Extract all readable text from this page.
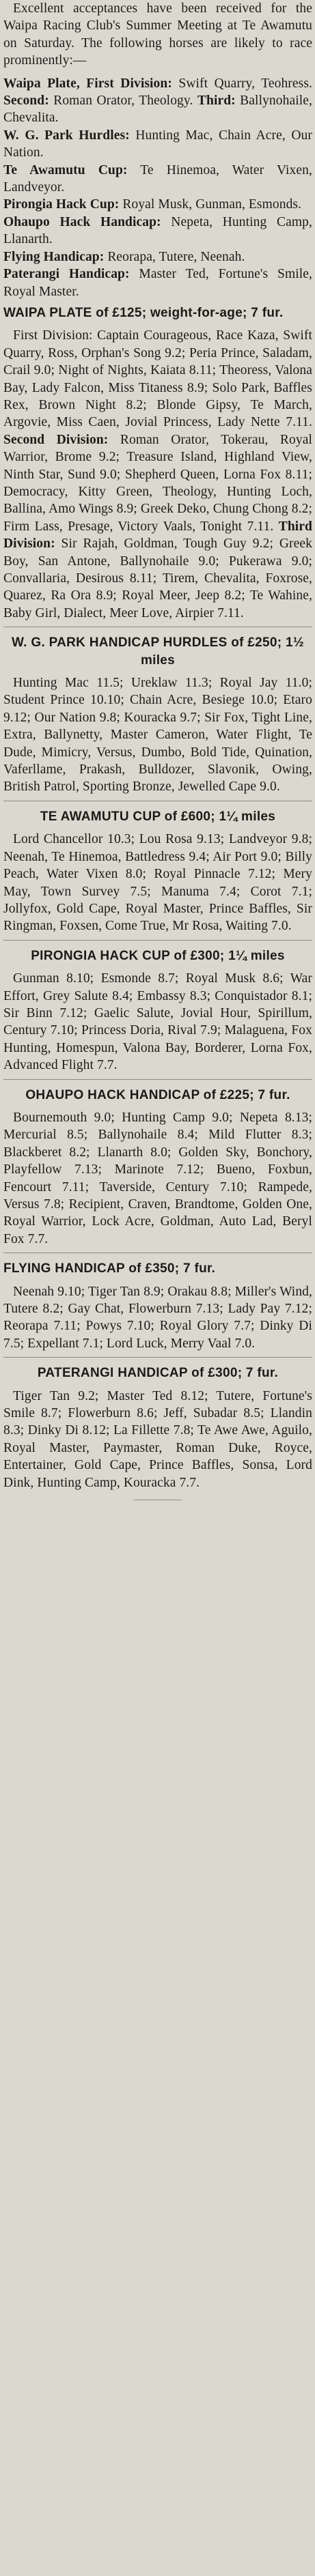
Excellent acceptances have been received for the Waipa Racing Club's Summer Meeting at Te Awamutu on Saturday. The following horses are likely to race prominently:—

Waipa Plate, First Division: Swift Quarry, Teohress. Second: Roman Orator, Theology. Third: Ballynohaile, Chevalita.

W. G. Park Hurdles: Hunting Mac, Chain Acre, Our Nation.

Te Awamutu Cup: Te Hinemoa, Water Vixen, Landveyor.

Pirongia Hack Cup: Royal Musk, Gunman, Esmonds.

Ohaupo Hack Handicap: Nepeta, Hunting Camp, Llanarth.

Flying Handicap: Reorapa, Tutere, Neenah.

Paterangi Handicap: Master Ted, Fortune's Smile, Royal Master.

WAIPA PLATE of £125; weight-for-age; 7 fur.

First Division: Captain Courageous, Race Kaza, Swift Quarry, Ross, Orphan's Song 9.2; Peria Prince, Saladam, Crail 9.0; Night of Nights, Kaiata 8.11; Theoress, Valona Bay, Lady Falcon, Miss Titaness 8.9; Solo Park, Baffles Rex, Brown Night 8.2; Blonde Gipsy, Te March, Argovie, Miss Caen, Jovial Princess, Lady Nette 7.11. Second Division: Roman Orator, Tokerau, Royal Warrior, Brome 9.2; Treasure Island, Highland View, Ninth Star, Sund 9.0; Shepherd Queen, Lorna Fox 8.11; Democracy, Kitty Green, Theology, Hunting Loch, Ballina, Amo Wings 8.9; Greek Deko, Chung Chong 8.2; Firm Lass, Presage, Victory Vaals, Tonight 7.11. Third Division: Sir Rajah, Goldman, Tough Guy 9.2; Greek Boy, San Antone, Ballynohaile 9.0; Pukerawa 9.0; Convallaria, Desirous 8.11; Tirem, Chevalita, Foxrose, Quarez, Ra Ora 8.9; Royal Meer, Jeep 8.2; Te Wahine, Baby Girl, Dialect, Meer Love, Airpier 7.11.

W. G. PARK HANDICAP HURDLES of £250; 1½ miles

Hunting Mac 11.5; Ureklaw 11.3; Royal Jay 11.0; Student Prince 10.10; Chain Acre, Besiege 10.0; Etaro 9.12; Our Nation 9.8; Kouracka 9.7; Sir Fox, Tight Line, Extra, Ballynetty, Master Cameron, Water Flight, Te Dude, Mimicry, Versus, Dumbo, Bold Tide, Quination, Vaferllame, Prakash, Bulldozer, Slavonik, Owing, British Patrol, Sporting Bronze, Jewelled Cape 9.0.

TE AWAMUTU CUP of £600; 1¼ miles

Lord Chancellor 10.3; Lou Rosa 9.13; Landveyor 9.8; Neenah, Te Hinemoa, Battledress 9.4; Air Port 9.0; Billy Peach, Water Vixen 8.0; Royal Pinnacle 7.12; Mery May, Town Survey 7.5; Manuma 7.4; Corot 7.1; Jollyfox, Gold Cape, Royal Master, Prince Baffles, Sir Ringman, Foxsen, Come True, Mr Rosa, Waiting 7.0.

PIRONGIA HACK CUP of £300; 1¼ miles

Gunman 8.10; Esmonde 8.7; Royal Musk 8.6; War Effort, Grey Salute 8.4; Embassy 8.3; Conquistador 8.1; Sir Binn 7.12; Gaelic Salute, Jovial Hour, Spirillum, Century 7.10; Princess Doria, Rival 7.9; Malaguena, Fox Hunting, Homespun, Valona Bay, Borderer, Lorna Fox, Advanced Flight 7.7.

OHAUPO HACK HANDICAP of £225; 7 fur.

Bournemouth 9.0; Hunting Camp 9.0; Nepeta 8.13; Mercurial 8.5; Ballynohaile 8.4; Mild Flutter 8.3; Blackberet 8.2; Llanarth 8.0; Golden Sky, Bonchory, Playfellow 7.13; Marinote 7.12; Bueno, Foxbun, Fencourt 7.11; Taverside, Century 7.10; Rampede, Versus 7.8; Recipient, Craven, Brandtome, Golden One, Royal Warrior, Lock Acre, Goldman, Auto Lad, Beryl Fox 7.7.

FLYING HANDICAP of £350; 7 fur.

Neenah 9.10; Tiger Tan 8.9; Orakau 8.8; Miller's Wind, Tutere 8.2; Gay Chat, Flowerburn 7.13; Lady Pay 7.12; Reorapa 7.11; Powys 7.10; Royal Glory 7.7; Dinky Di 7.5; Expellant 7.1; Lord Luck, Merry Vaal 7.0.

PATERANGI HANDICAP of £300; 7 fur.

Tiger Tan 9.2; Master Ted 8.12; Tutere, Fortune's Smile 8.7; Flowerburn 8.6; Jeff, Subadar 8.5; Llandin 8.3; Dinky Di 8.12; La Fillette 7.8; Te Awe Awe, Aguilo, Royal Master, Paymaster, Roman Duke, Royce, Entertainer, Gold Cape, Prince Baffles, Sonsa, Lord Dink, Hunting Camp, Kouracka 7.7.
